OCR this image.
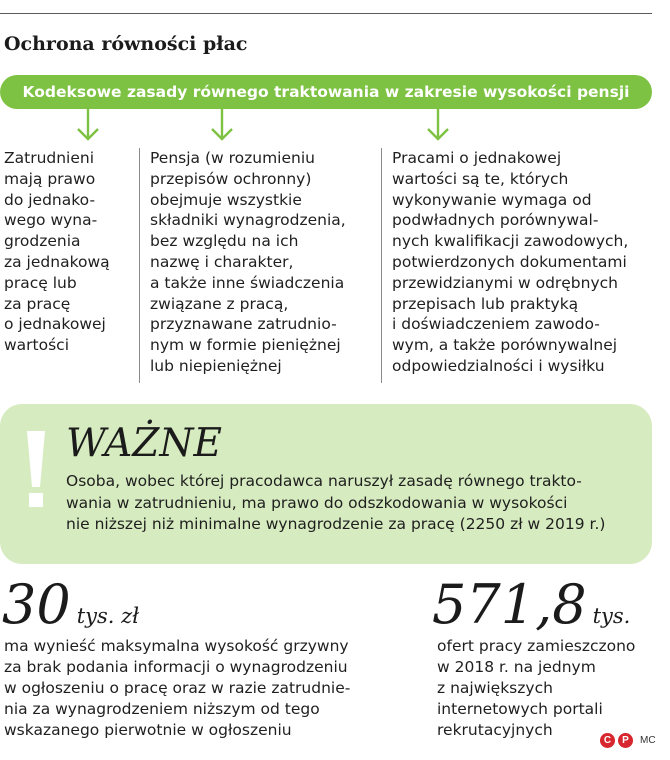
Ochrona równości płac
Kodeksowe zasady równego traktowania w zakresie wysokości pensji
Zatrudnieni
mają prawo
do jednako-
wego wyna-
grodzenia
za jednakową
pracę lub
za pracę
o jednakowej
wartości
Pensja (w rozumieniu
przepisów ochronny)
obejmuje wszystkie
składniki wynagrodzenia,
bez względu na ich
nazwę i charakter,
a także inne świadczenia
związane z pracą,
przyznawane zatrudnio-
nym w formie pieniężnej
lub niepieniężnej
Pracami o jednakowej
wartości są te, których
wykonywanie wymaga od
podwładnych porównywal-
nych kwalifikacji zawodowych,
potwierdzonych dokumentami
przewidzianymi w odrębnych
przepisach lub praktyką
i doświadczeniem zawodo-
wym, a także porównywalnej
odpowiedzialności i wysiłku
WAŻNE
Osoba, wobec której pracodawca naruszył zasadę równego trakto-
wania w zatrudnieniu, ma prawo do odszkodowania w wysokości
nie niższej niż minimalne wynagrodzenie za pracę (2250 zł w 2019 r.)
30 tys. zł
ma wynieść maksymalna wysokość grzywny
za brak podania informacji o wynagrodzeniu
w ogłoszeniu o pracę oraz w razie zatrudnie-
nia za wynagrodzeniem niższym od tego
wskazanego pierwotnie w ogłoszeniu
571,8 tys.
ofert pracy zamieszczono
w 2018 r. na jednym
z największych
internetowych portali
rekrutacyjnych
C	P	MC
